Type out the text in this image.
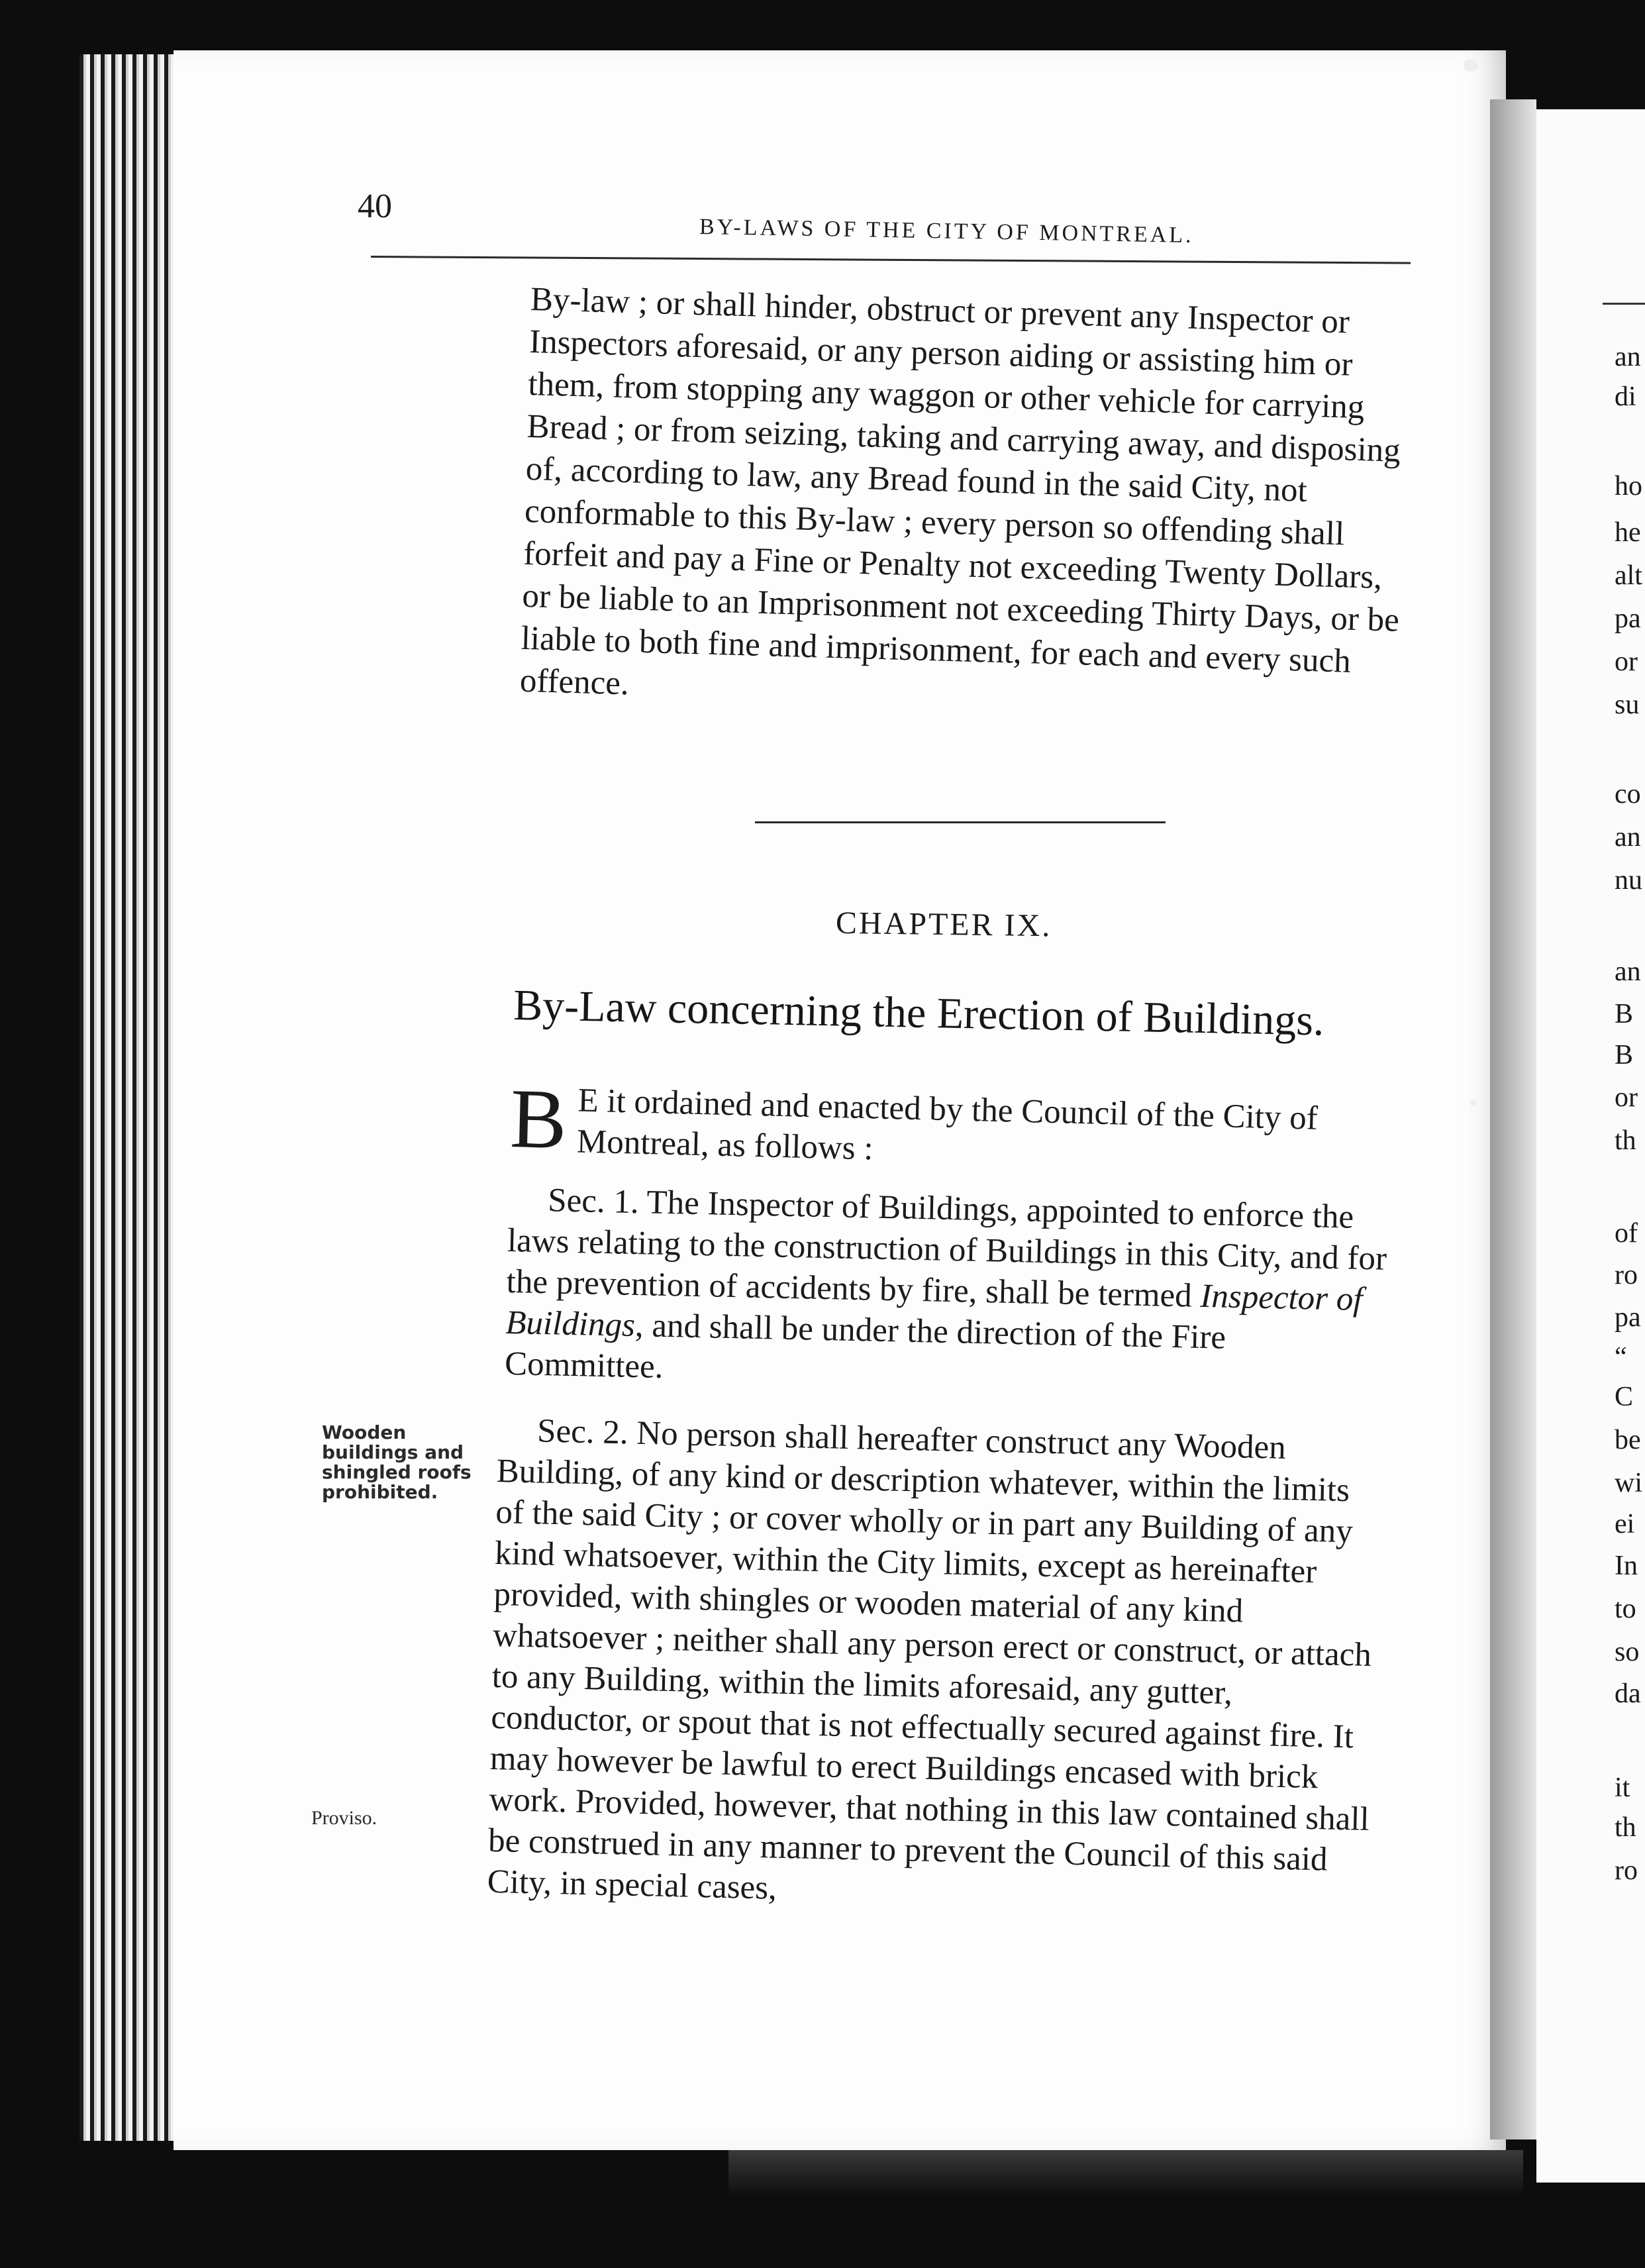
an
di
ho
he
alt
pa
or
su
co
an
nu
an
B
B
or
th
of
ro
pa
“
C
be
wi
ei
In
to
so
da
it
th
ro
40
BY-LAWS OF THE CITY OF MONTREAL.
By-law ; or shall hinder, obstruct or prevent any Inspector or Inspectors aforesaid, or any person aiding or assisting him or them, from stopping any waggon or other vehicle for carrying Bread ; or from seizing, taking and carrying away, and disposing of, according to law, any Bread found in the said City, not conformable to this By-law ; every person so offending shall forfeit and pay a Fine or Penalty not exceeding Twenty Dollars, or be liable to an Imprisonment not exceeding Thirty Days, or be liable to both fine and imprisonment, for each and every such offence.
CHAPTER IX.
By-Law concerning the Erection of Buildings.
B E it ordained and enacted by the Council of the City of Montreal, as follows :
Sec. 1. The Inspector of Buildings, appointed to enforce the laws relating to the construction of Buildings in this City, and for the prevention of accidents by fire, shall be termed Inspector of Buildings, and shall be under the direction of the Fire Committee.
Wooden buildings and shingled roofs prohibited.
Sec. 2. No person shall hereafter construct any Wooden Building, of any kind or description whatever, within the limits of the said City ; or cover wholly or in part any Building of any kind whatsoever, within the City limits, except as hereinafter provided, with shingles or wooden material of any kind whatsoever ; neither shall any person erect or construct, or attach to any Building, within the limits aforesaid, any gutter, conductor, or spout that is not effectually secured against fire. It may however be lawful to erect Buildings encased with brick work. Provided, however, that nothing in this law contained shall be construed in any manner to prevent the Council of this said City, in special cases,
Proviso.
